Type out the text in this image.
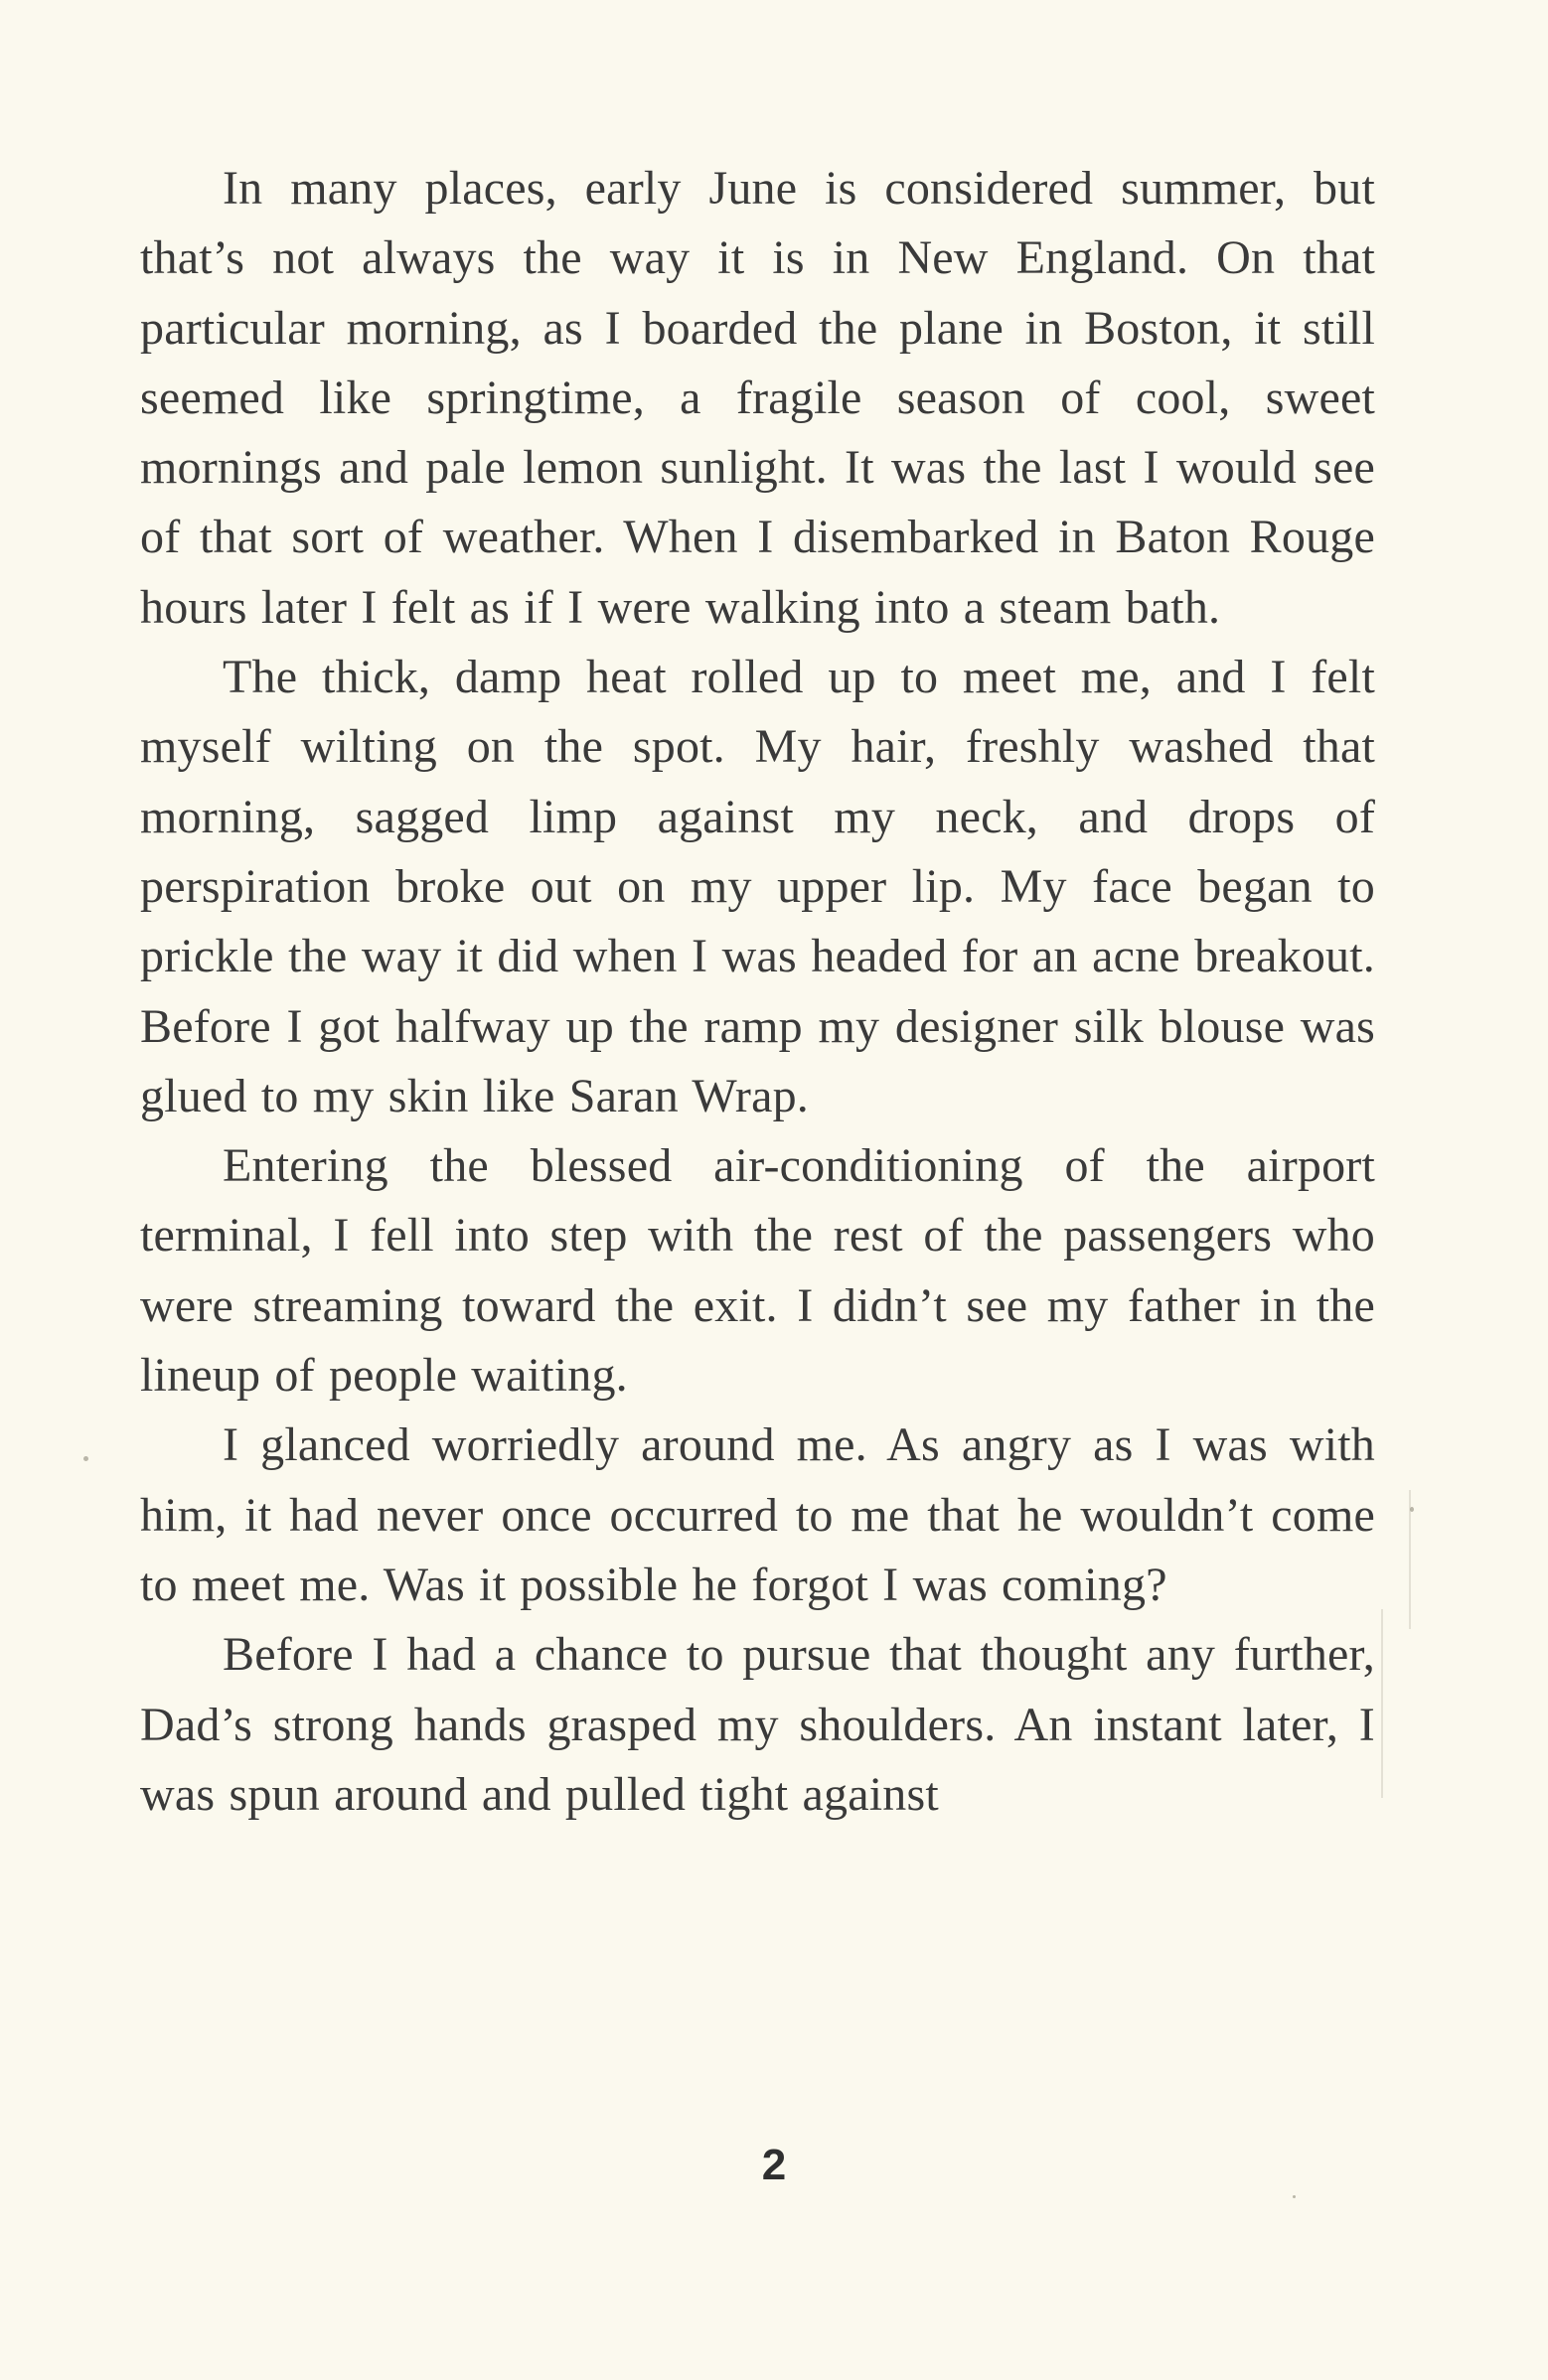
In many places, early June is considered summer, but that’s not always the way it is in New England. On that particular morning, as I boarded the plane in Boston, it still seemed like springtime, a fragile season of cool, sweet mornings and pale lemon sunlight. It was the last I would see of that sort of weather. When I disembarked in Baton Rouge hours later I felt as if I were walking into a steam bath.

The thick, damp heat rolled up to meet me, and I felt myself wilting on the spot. My hair, freshly washed that morning, sagged limp against my neck, and drops of perspiration broke out on my upper lip. My face began to prickle the way it did when I was headed for an acne breakout. Before I got halfway up the ramp my designer silk blouse was glued to my skin like Saran Wrap.

Entering the blessed air-conditioning of the airport terminal, I fell into step with the rest of the passengers who were streaming toward the exit. I didn’t see my father in the lineup of people waiting.

I glanced worriedly around me. As angry as I was with him, it had never once occurred to me that he wouldn’t come to meet me. Was it possible he forgot I was coming?

Before I had a chance to pursue that thought any further, Dad’s strong hands grasped my shoulders. An instant later, I was spun around and pulled tight against

2
